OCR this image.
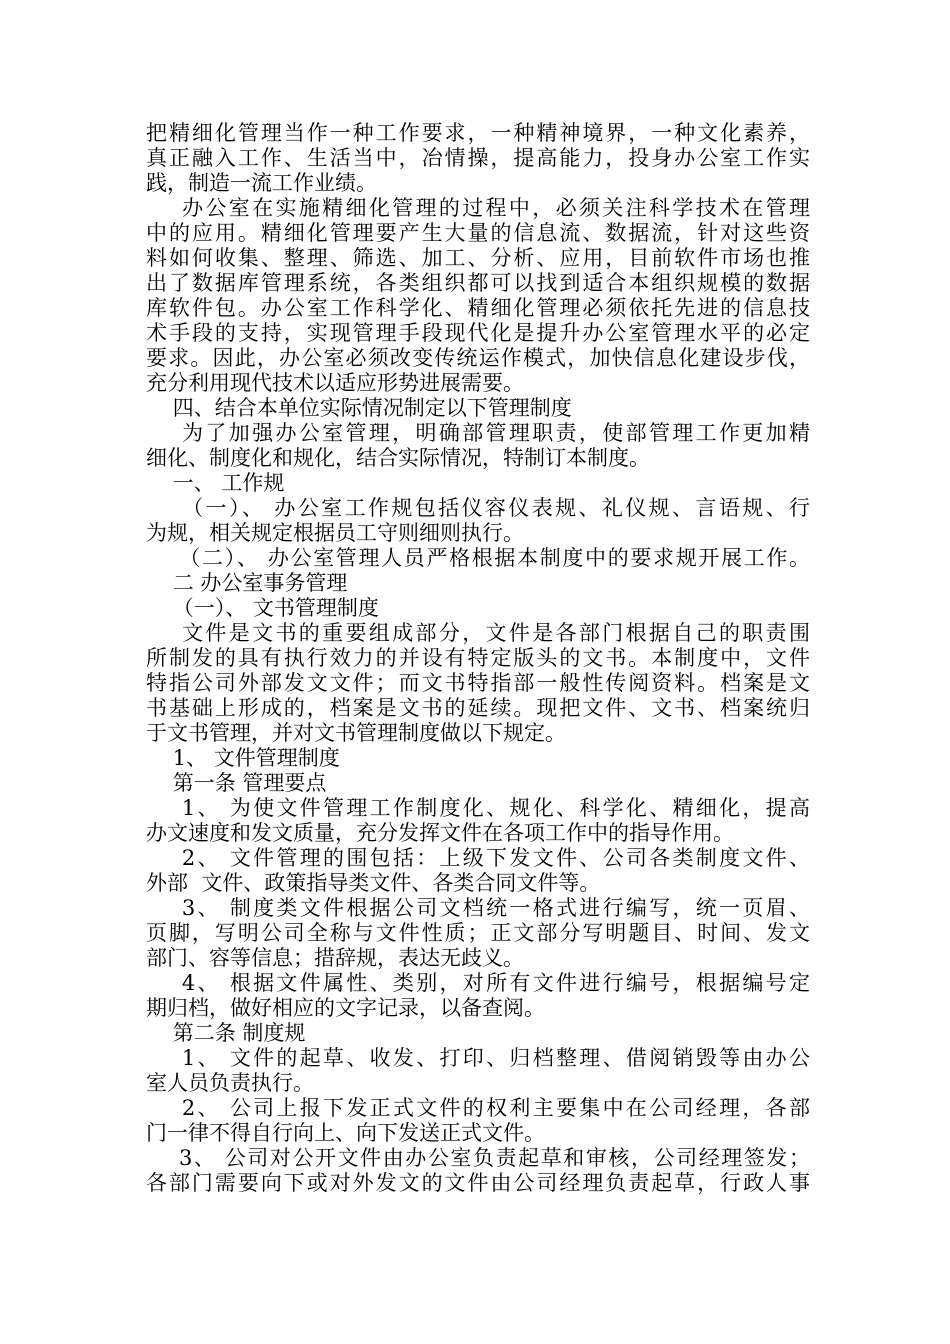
把精细化管理当作一种工作要求，一种精神境界，一种文化素养，
真正融入工作、生活当中，冶情操，提高能力，投身办公室工作实
践，制造一流工作业绩。
办公室在实施精细化管理的过程中，必须关注科学技术在管理
中的应用。精细化管理要产生大量的信息流、数据流，针对这些资
料如何收集、整理、筛选、加工、分析、应用，目前软件市场也推
出了数据库管理系统，各类组织都可以找到适合本组织规模的数据
库软件包。办公室工作科学化、精细化管理必须依托先进的信息技
术手段的支持，实现管理手段现代化是提升办公室管理水平的必定
要求。因此，办公室必须改变传统运作模式，加快信息化建设步伐，
充分利用现代技术以适应形势进展需要。
四、结合本单位实际情况制定以下管理制度
为了加强办公室管理，明确部管理职责，使部管理工作更加精
细化、制度化和规化，结合实际情况，特制订本制度。
一、 工作规
（一）、 办公室工作规包括仪容仪表规、礼仪规、言语规、行
为规，相关规定根据员工守则细则执行。
（二）、 办公室管理人员严格根据本制度中的要求规开展工作。
二 办公室事务管理
（一）、 文书管理制度
文件是文书的重要组成部分，文件是各部门根据自己的职责围
所制发的具有执行效力的并设有特定版头的文书。本制度中，文件
特指公司外部发文文件；而文书特指部一般性传阅资料。档案是文
书基础上形成的，档案是文书的延续。现把文件、文书、档案统归
于文书管理，并对文书管理制度做以下规定。
1、 文件管理制度
第一条 管理要点
1、 为使文件管理工作制度化、规化、科学化、精细化，提高
办文速度和发文质量，充分发挥文件在各项工作中的指导作用。
2、 文件管理的围包括：上级下发文件、公司各类制度文件、
外部  文件、政策指导类文件、各类合同文件等。
3、 制度类文件根据公司文档统一格式进行编写，统一页眉、
页脚，写明公司全称与文件性质；正文部分写明题目、时间、发文
部门、容等信息；措辞规，表达无歧义。
4、 根据文件属性、类别，对所有文件进行编号，根据编号定
期归档，做好相应的文字记录，以备查阅。
第二条 制度规
1、 文件的起草、收发、打印、归档整理、借阅销毁等由办公
室人员负责执行。
2、 公司上报下发正式文件的权利主要集中在公司经理，各部
门一律不得自行向上、向下发送正式文件。
3、 公司对公开文件由办公室负责起草和审核，公司经理签发；
各部门需要向下或对外发文的文件由公司经理负责起草，行政人事
